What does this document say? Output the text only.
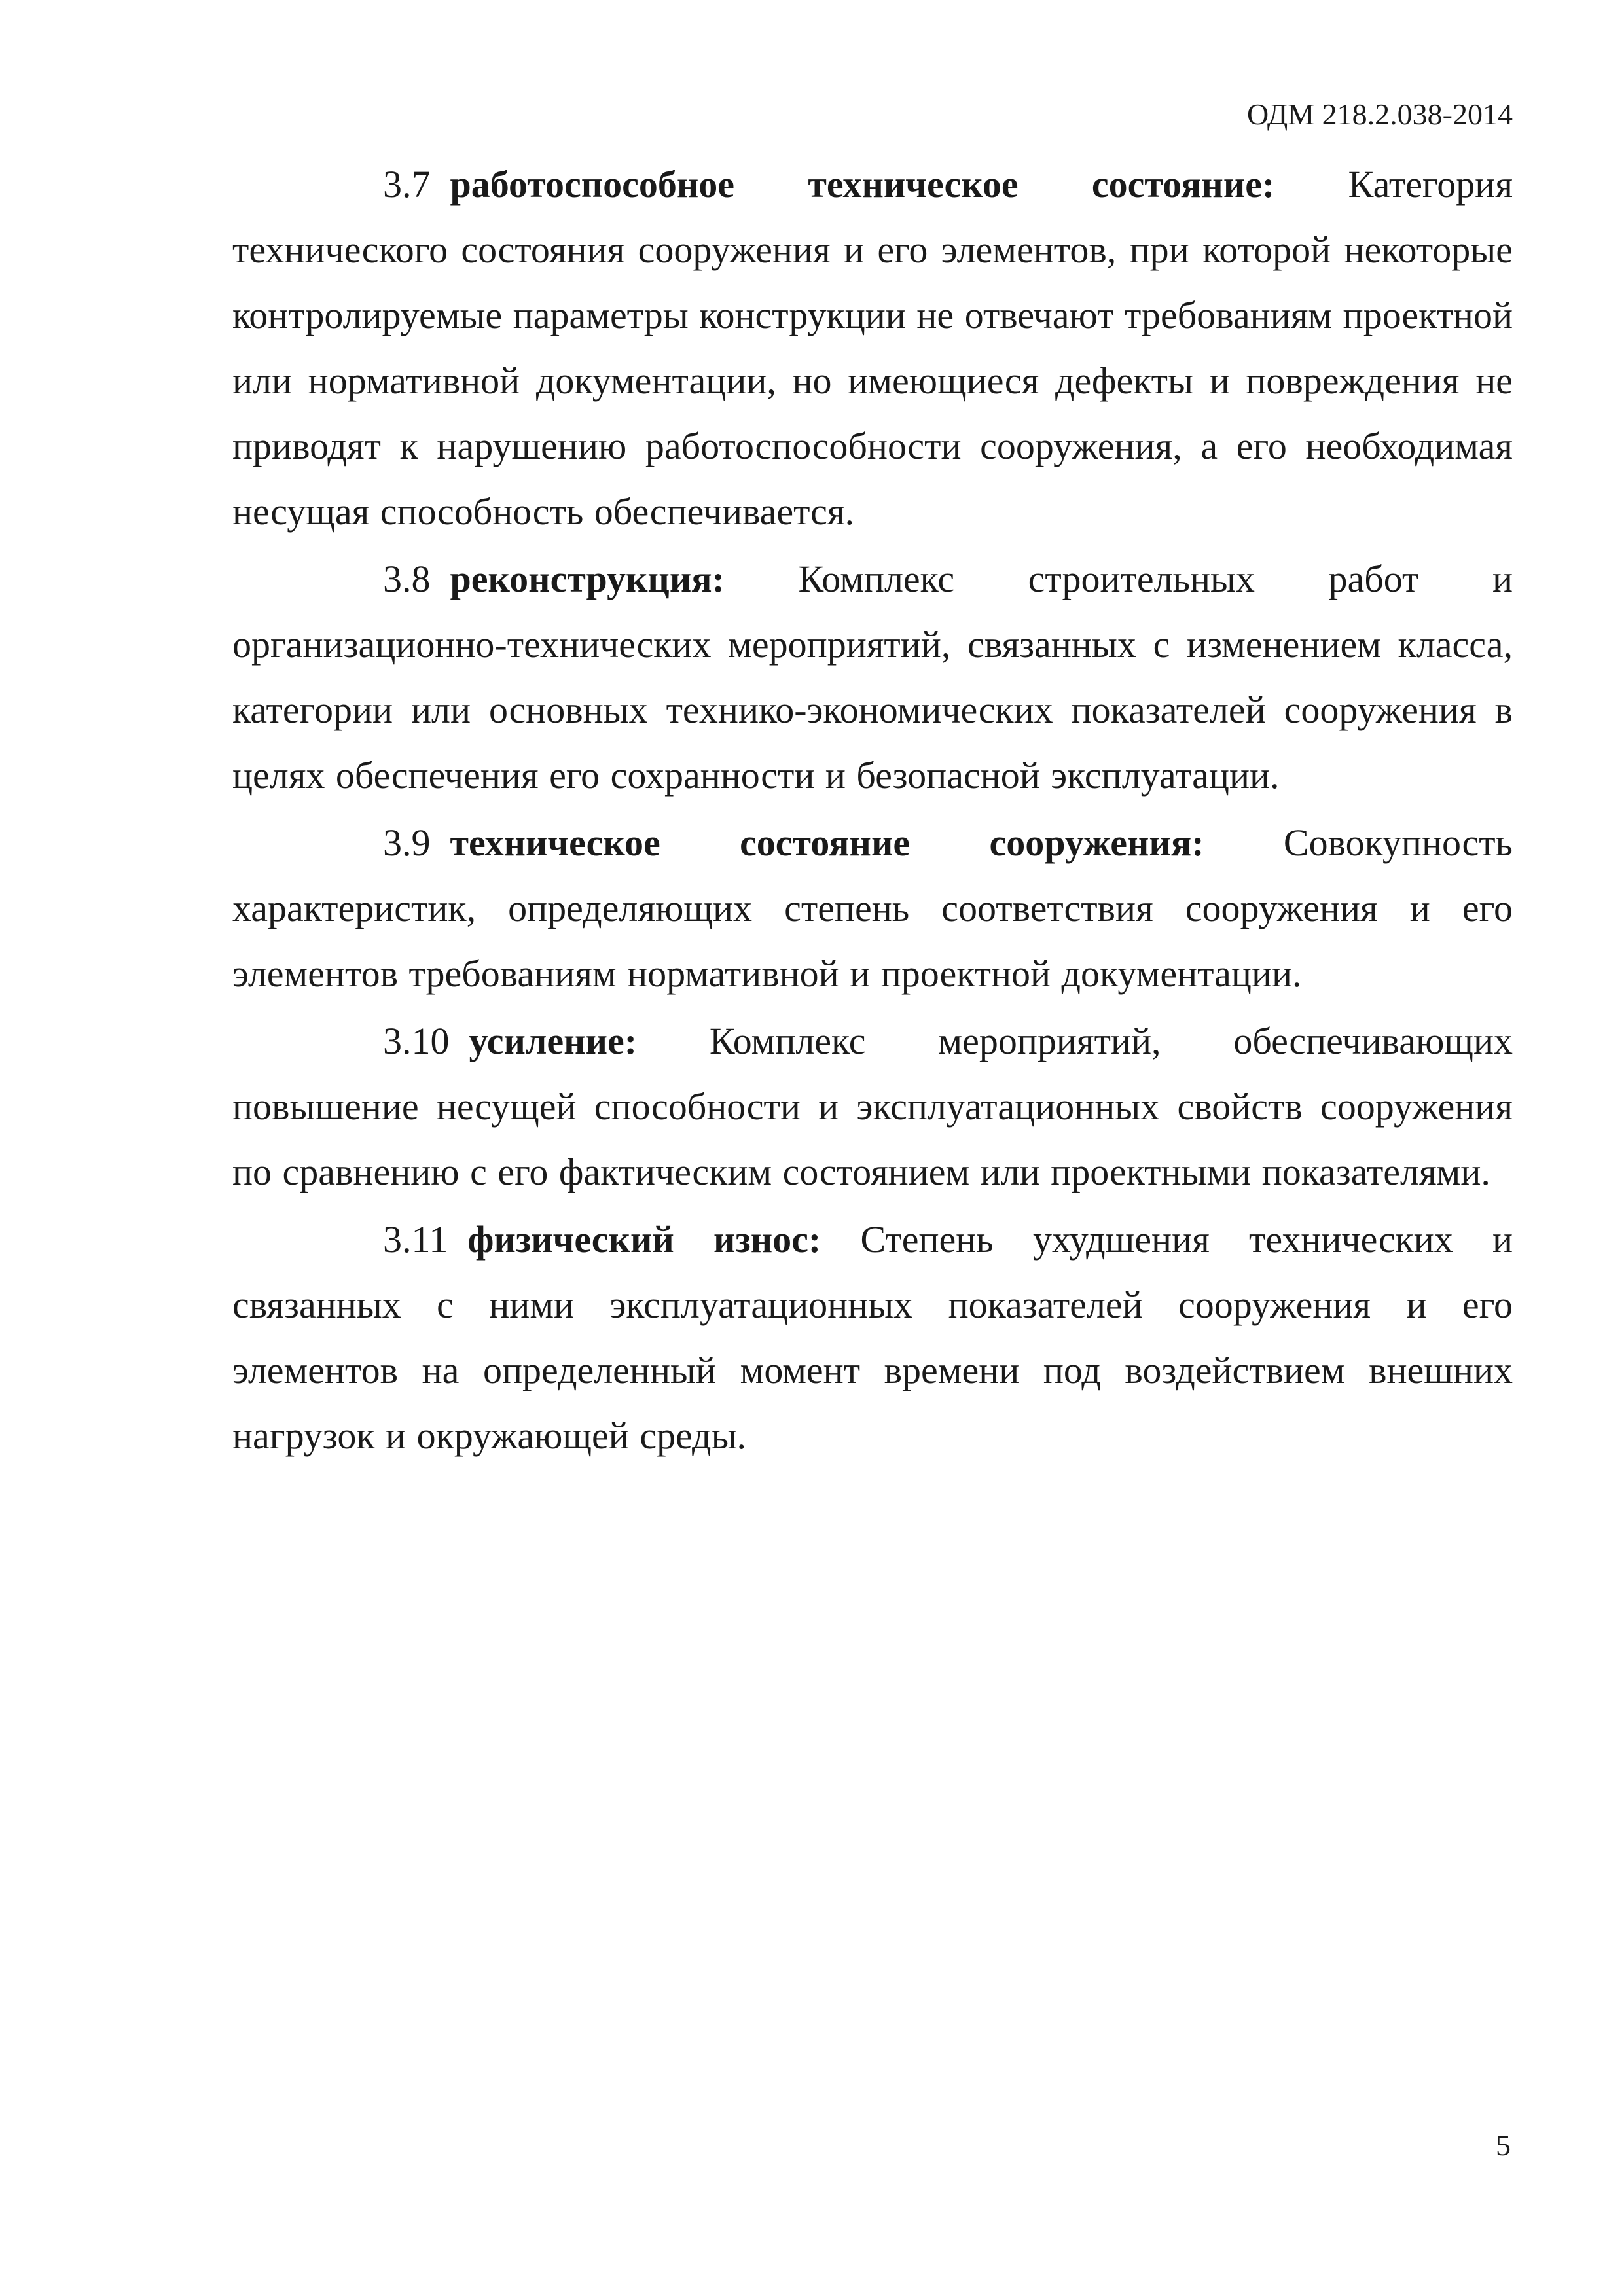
ОДМ 218.2.038-2014

3.7 работоспособное техническое состояние: Категория технического состояния сооружения и его элементов, при которой некоторые контролируемые параметры конструкции не отвечают требованиям проектной или нормативной документации, но имеющиеся дефекты и повреждения не приводят к нарушению работоспособности сооружения, а его необходимая несущая способность обеспечивается.

3.8 реконструкция: Комплекс строительных работ и организационно-технических мероприятий, связанных с изменением класса, категории или основных технико-экономических показателей сооружения в целях обеспечения его сохранности и безопасной эксплуатации.

3.9 техническое состояние сооружения: Совокупность характеристик, определяющих степень соответствия сооружения и его элементов требованиям нормативной и проектной документации.

3.10 усиление: Комплекс мероприятий, обеспечивающих повышение несущей способности и эксплуатационных свойств сооружения по сравнению с его фактическим состоянием или проектными показателями.

3.11 физический износ: Степень ухудшения технических и связанных с ними эксплуатационных показателей сооружения и его элементов на определенный момент времени под воздействием внешних нагрузок и окружающей среды.

5
